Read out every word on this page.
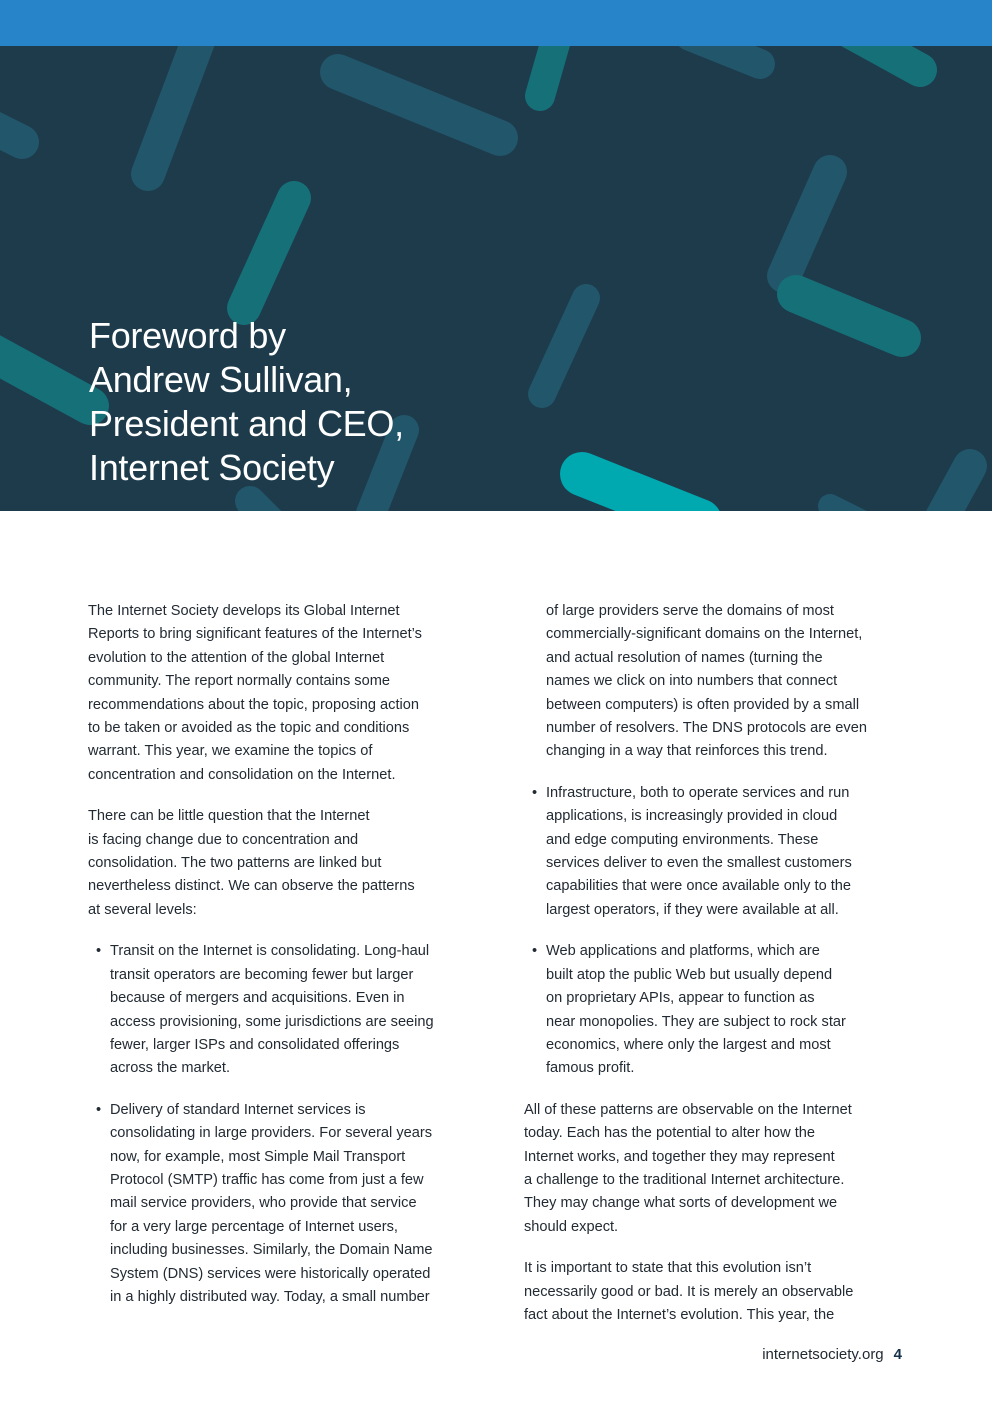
Foreword by
Andrew Sullivan,
President and CEO,
Internet Society

The Internet Society develops its Global Internet
Reports to bring significant features of the Internet’s
evolution to the attention of the global Internet
community. The report normally contains some
recommendations about the topic, proposing action
to be taken or avoided as the topic and conditions
warrant. This year, we examine the topics of
concentration and consolidation on the Internet.

There can be little question that the Internet
is facing change due to concentration and
consolidation. The two patterns are linked but
nevertheless distinct. We can observe the patterns
at several levels:

• Transit on the Internet is consolidating. Long-haul
transit operators are becoming fewer but larger
because of mergers and acquisitions. Even in
access provisioning, some jurisdictions are seeing
fewer, larger ISPs and consolidated offerings
across the market.
• Delivery of standard Internet services is
consolidating in large providers. For several years
now, for example, most Simple Mail Transport
Protocol (SMTP) traffic has come from just a few
mail service providers, who provide that service
for a very large percentage of Internet users,
including businesses. Similarly, the Domain Name
System (DNS) services were historically operated
in a highly distributed way. Today, a small number
of large providers serve the domains of most
commercially-significant domains on the Internet,
and actual resolution of names (turning the
names we click on into numbers that connect
between computers) is often provided by a small
number of resolvers. The DNS protocols are even
changing in a way that reinforces this trend.
• Infrastructure, both to operate services and run
applications, is increasingly provided in cloud
and edge computing environments. These
services deliver to even the smallest customers
capabilities that were once available only to the
largest operators, if they were available at all.
• Web applications and platforms, which are
built atop the public Web but usually depend
on proprietary APIs, appear to function as
near monopolies. They are subject to rock star
economics, where only the largest and most
famous profit.

All of these patterns are observable on the Internet
today. Each has the potential to alter how the
Internet works, and together they may represent
a challenge to the traditional Internet architecture.
They may change what sorts of development we
should expect.

It is important to state that this evolution isn’t
necessarily good or bad. It is merely an observable
fact about the Internet’s evolution. This year, the

internetsociety.org 4
